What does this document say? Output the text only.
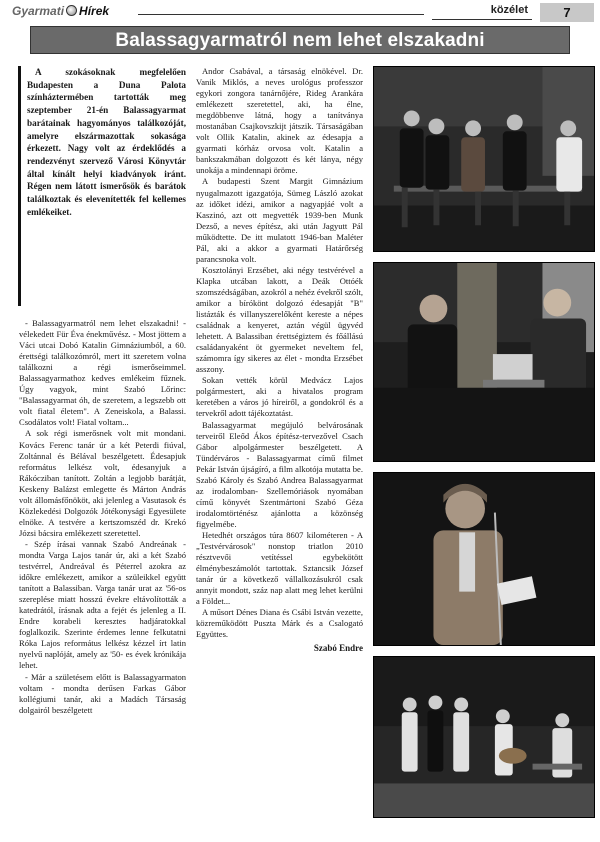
Gyarmati Hírek	közélet	7
Balassagyarmatról nem lehet elszakadni

A szokásoknak megfelelően Budapesten a Duna Palota színháztermében tartották meg szeptember 21-én Balassagyarmat barátainak hagyományos találkozóját, amelyre elszármazottak sokasága érkezett. Nagy volt az érdeklődés a rendezvényt szervező Városi Könyvtár által kínált helyi kiadványok iránt. Régen nem látott ismerősök és barátok találkoztak és elevenítették fel kellemes emlékeiket.

- Balassagyarmatról nem lehet elszakadni! - vélekedett Für Éva énekművész. - Most jöttem a Váci utcai Dobó Katalin Gimnáziumból, a 60. érettségi találkozómról, mert itt szeretem volna találkozni a régi ismerőseimmel. Balassagyarmathoz kedves emlékeim fűznek. Úgy vagyok, mint Szabó Lőrinc: "Balassagyarmat óh, de szeretem, a legszebb ott volt fiatal életem". A Zeneiskola, a Balassi. Csodálatos volt! Fiatal voltam...

A sok régi ismerősnek volt mit mondani. Kovács Ferenc tanár úr a két Peterdi fiúval, Zoltánnal és Bélával beszélgetett. Édesapjuk református lelkész volt, édesanyjuk a Rákócziban tanított. Zoltán a legjobb barátját, Keskeny Balázst emlegette és Márton András volt állomásfőnököt, aki jelenleg a Vasutasok és Közlekedési Dolgozók Jótékonysági Egyesülete elnöke. A testvére a kertszomszéd dr. Krekó Józsi bácsira emlékezett szeretettel.

- Szép írásai vannak Szabó Andreának - mondta Varga Lajos tanár úr, aki a két Szabó testvérrel, Andreával és Péterrel azokra az időkre emlékezett, amikor a szüleikkel együtt tanított a Balassiban. Varga tanár urat az '56-os szereplése miatt hosszú évekre eltávolították a katedrától, írásnak adta a fejét és jelenleg a II. Endre korabeli keresztes hadjáratokkal foglalkozik. Szerinte érdemes lenne felkutatni Róka Lajos református lelkész kézzel írt latin nyelvű naplóját, amely az '50- es évek krónikája lehet.

- Már a születésem előtt is Balassagyarmaton voltam - mondta derűsen Farkas Gábor kollégiumi tanár, aki a Madách Társaság dolgairól beszélgetett

Andor Csabával, a társaság elnökével. Dr. Vanik Miklós, a neves urológus professzor egykori zongora tanárnőjére, Rideg Arankára emlékezett szeretettel, aki, ha élne, megdöbbenve látná, hogy a tanítványa mostanában Csajkovszkijt játszik. Társaságában volt Ollik Katalin, akinek az édesapja a gyarmati kórház orvosa volt. Katalin a bankszakmában dolgozott és két lánya, négy unokája a mindennapi öröme.

A budapesti Szent Margit Gimnázium nyugalmazott igazgatója, Sümeg László azokat az időket idézi, amikor a nagyapjáé volt a Kaszinó, azt ott megvették 1939-ben Munk Dezső, a neves építész, aki után Jagyutt Pál működtette. De itt mulatott 1946-ban Maléter Pál, aki a akkor a gyarmati Határőrség parancsnoka volt.

Kosztolányi Erzsébet, aki négy testvérével a Klapka utcában lakott, a Deák Ottóék szomszédságában, azokról a nehéz évekről szólt, amikor a bírókönt dolgozó édesapját "B" listázták és villanyszerelőként kereste a népes családnak a kenyeret, aztán végül ügyvéd lehetett. A Balassiban érettségiztem és főállású családanyaként öt gyermeket neveltem fel, számomra így sikeres az élet - mondta Erzsébet asszony.

Sokan vették körül Medvácz Lajos polgármestert, aki a hivatalos program keretében a város jó híreiről, a gondokról és a tervekről adott tájékoztatást.

Balassagyarmat megújuló belvárosának terveiről Eleőd Ákos építész-tervezővel Csach Gábor alpolgármester beszélgetett. A Tündérváros - Balassagyarmat című filmet Pekár István újságíró, a film alkotója mutatta be. Szabó Károly és Szabó Andrea Balassagyarmat az irodalomban- Szellemóriások nyomában című könyvét Szentmártoni Szabó Géza irodalomtörténész ajánlotta a közönség figyelmébe.

Hetedhét országos túra 8607 kilométeren - A „Testvérvárosok" nonstop triatlon 2010 résztvevői vetítéssel egybekötött élménybeszámolót tartottak. Sztancsik József tanár úr a következő vállalkozásukról csak annyit mondott, száz nap alatt meg lehet kerülni a Földet...

A műsort Dénes Diana és Csábi István vezette, közreműködött Puszta Márk és a Csalogató Együttes.

Szabó Endre
